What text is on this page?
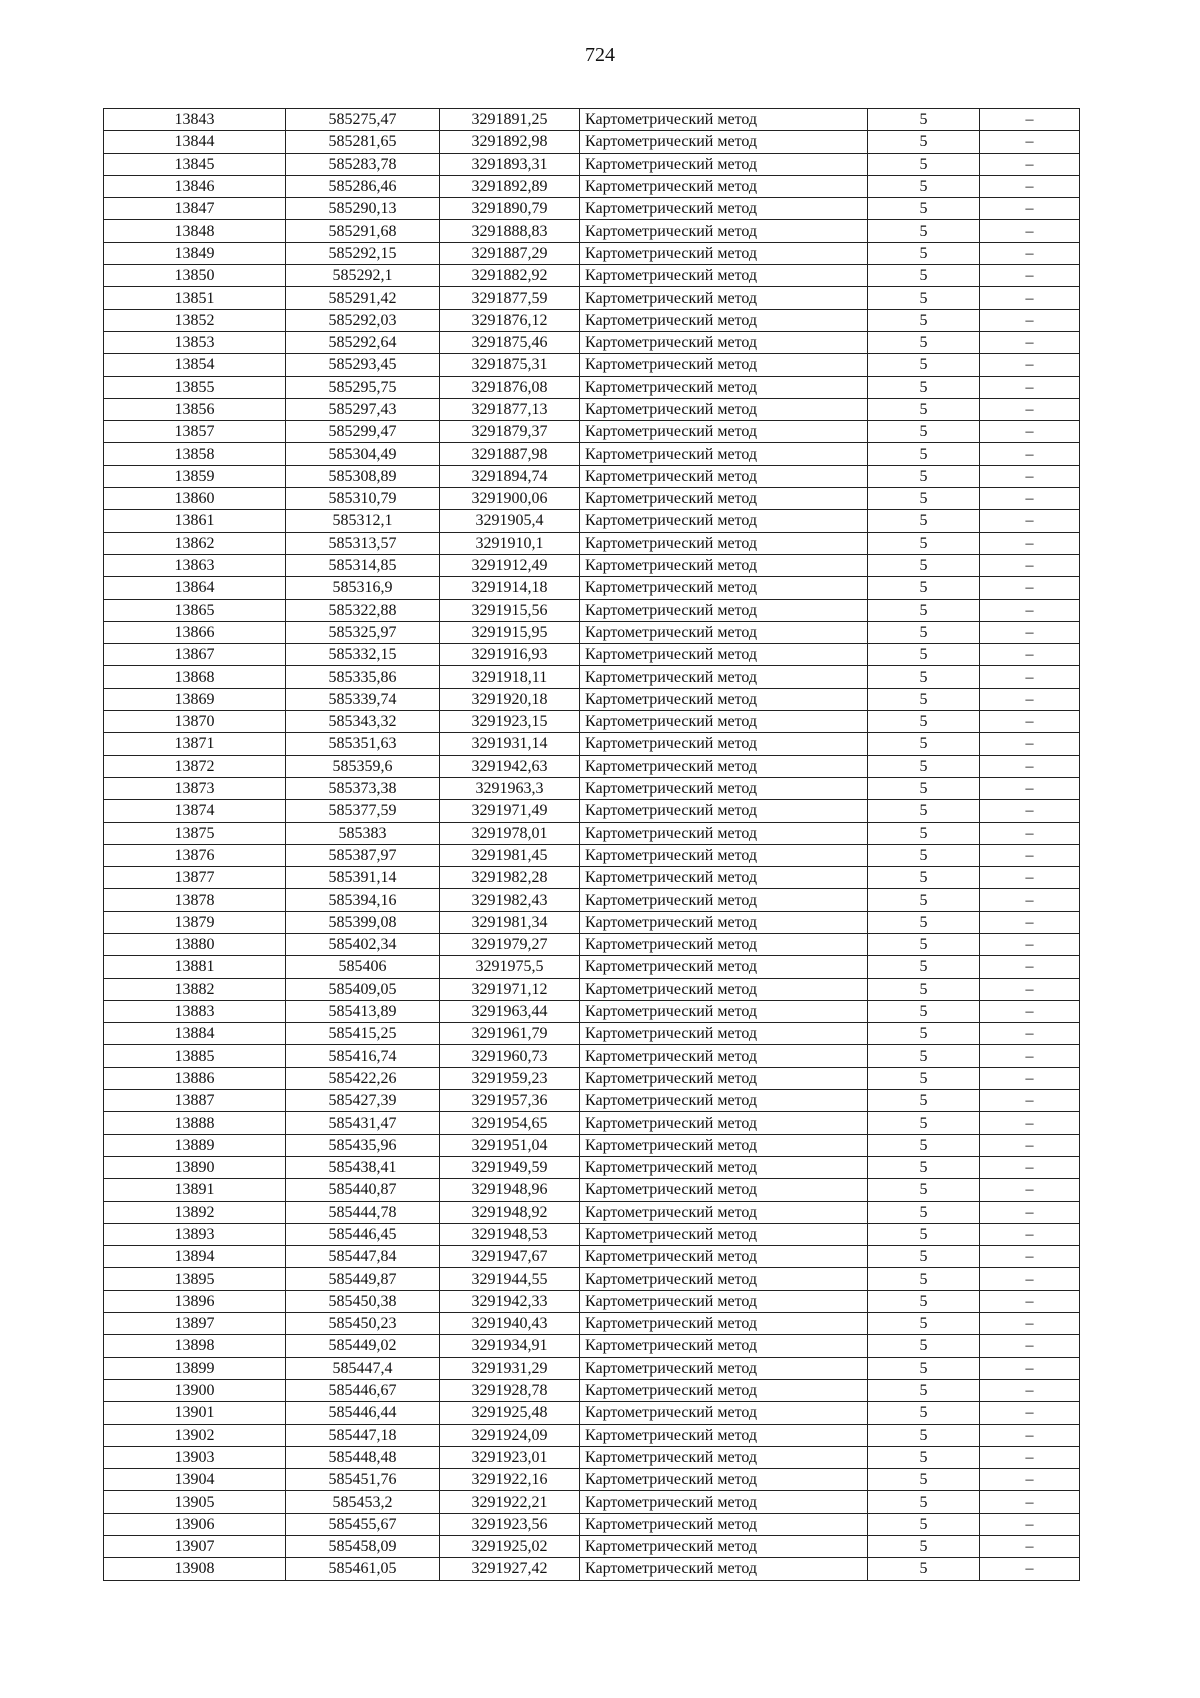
724
13843	585275,47	3291891,25	Картометрический метод	5	–
13844	585281,65	3291892,98	Картометрический метод	5	–
13845	585283,78	3291893,31	Картометрический метод	5	–
13846	585286,46	3291892,89	Картометрический метод	5	–
13847	585290,13	3291890,79	Картометрический метод	5	–
13848	585291,68	3291888,83	Картометрический метод	5	–
13849	585292,15	3291887,29	Картометрический метод	5	–
13850	585292,1	3291882,92	Картометрический метод	5	–
13851	585291,42	3291877,59	Картометрический метод	5	–
13852	585292,03	3291876,12	Картометрический метод	5	–
13853	585292,64	3291875,46	Картометрический метод	5	–
13854	585293,45	3291875,31	Картометрический метод	5	–
13855	585295,75	3291876,08	Картометрический метод	5	–
13856	585297,43	3291877,13	Картометрический метод	5	–
13857	585299,47	3291879,37	Картометрический метод	5	–
13858	585304,49	3291887,98	Картометрический метод	5	–
13859	585308,89	3291894,74	Картометрический метод	5	–
13860	585310,79	3291900,06	Картометрический метод	5	–
13861	585312,1	3291905,4	Картометрический метод	5	–
13862	585313,57	3291910,1	Картометрический метод	5	–
13863	585314,85	3291912,49	Картометрический метод	5	–
13864	585316,9	3291914,18	Картометрический метод	5	–
13865	585322,88	3291915,56	Картометрический метод	5	–
13866	585325,97	3291915,95	Картометрический метод	5	–
13867	585332,15	3291916,93	Картометрический метод	5	–
13868	585335,86	3291918,11	Картометрический метод	5	–
13869	585339,74	3291920,18	Картометрический метод	5	–
13870	585343,32	3291923,15	Картометрический метод	5	–
13871	585351,63	3291931,14	Картометрический метод	5	–
13872	585359,6	3291942,63	Картометрический метод	5	–
13873	585373,38	3291963,3	Картометрический метод	5	–
13874	585377,59	3291971,49	Картометрический метод	5	–
13875	585383	3291978,01	Картометрический метод	5	–
13876	585387,97	3291981,45	Картометрический метод	5	–
13877	585391,14	3291982,28	Картометрический метод	5	–
13878	585394,16	3291982,43	Картометрический метод	5	–
13879	585399,08	3291981,34	Картометрический метод	5	–
13880	585402,34	3291979,27	Картометрический метод	5	–
13881	585406	3291975,5	Картометрический метод	5	–
13882	585409,05	3291971,12	Картометрический метод	5	–
13883	585413,89	3291963,44	Картометрический метод	5	–
13884	585415,25	3291961,79	Картометрический метод	5	–
13885	585416,74	3291960,73	Картометрический метод	5	–
13886	585422,26	3291959,23	Картометрический метод	5	–
13887	585427,39	3291957,36	Картометрический метод	5	–
13888	585431,47	3291954,65	Картометрический метод	5	–
13889	585435,96	3291951,04	Картометрический метод	5	–
13890	585438,41	3291949,59	Картометрический метод	5	–
13891	585440,87	3291948,96	Картометрический метод	5	–
13892	585444,78	3291948,92	Картометрический метод	5	–
13893	585446,45	3291948,53	Картометрический метод	5	–
13894	585447,84	3291947,67	Картометрический метод	5	–
13895	585449,87	3291944,55	Картометрический метод	5	–
13896	585450,38	3291942,33	Картометрический метод	5	–
13897	585450,23	3291940,43	Картометрический метод	5	–
13898	585449,02	3291934,91	Картометрический метод	5	–
13899	585447,4	3291931,29	Картометрический метод	5	–
13900	585446,67	3291928,78	Картометрический метод	5	–
13901	585446,44	3291925,48	Картометрический метод	5	–
13902	585447,18	3291924,09	Картометрический метод	5	–
13903	585448,48	3291923,01	Картометрический метод	5	–
13904	585451,76	3291922,16	Картометрический метод	5	–
13905	585453,2	3291922,21	Картометрический метод	5	–
13906	585455,67	3291923,56	Картометрический метод	5	–
13907	585458,09	3291925,02	Картометрический метод	5	–
13908	585461,05	3291927,42	Картометрический метод	5	–
